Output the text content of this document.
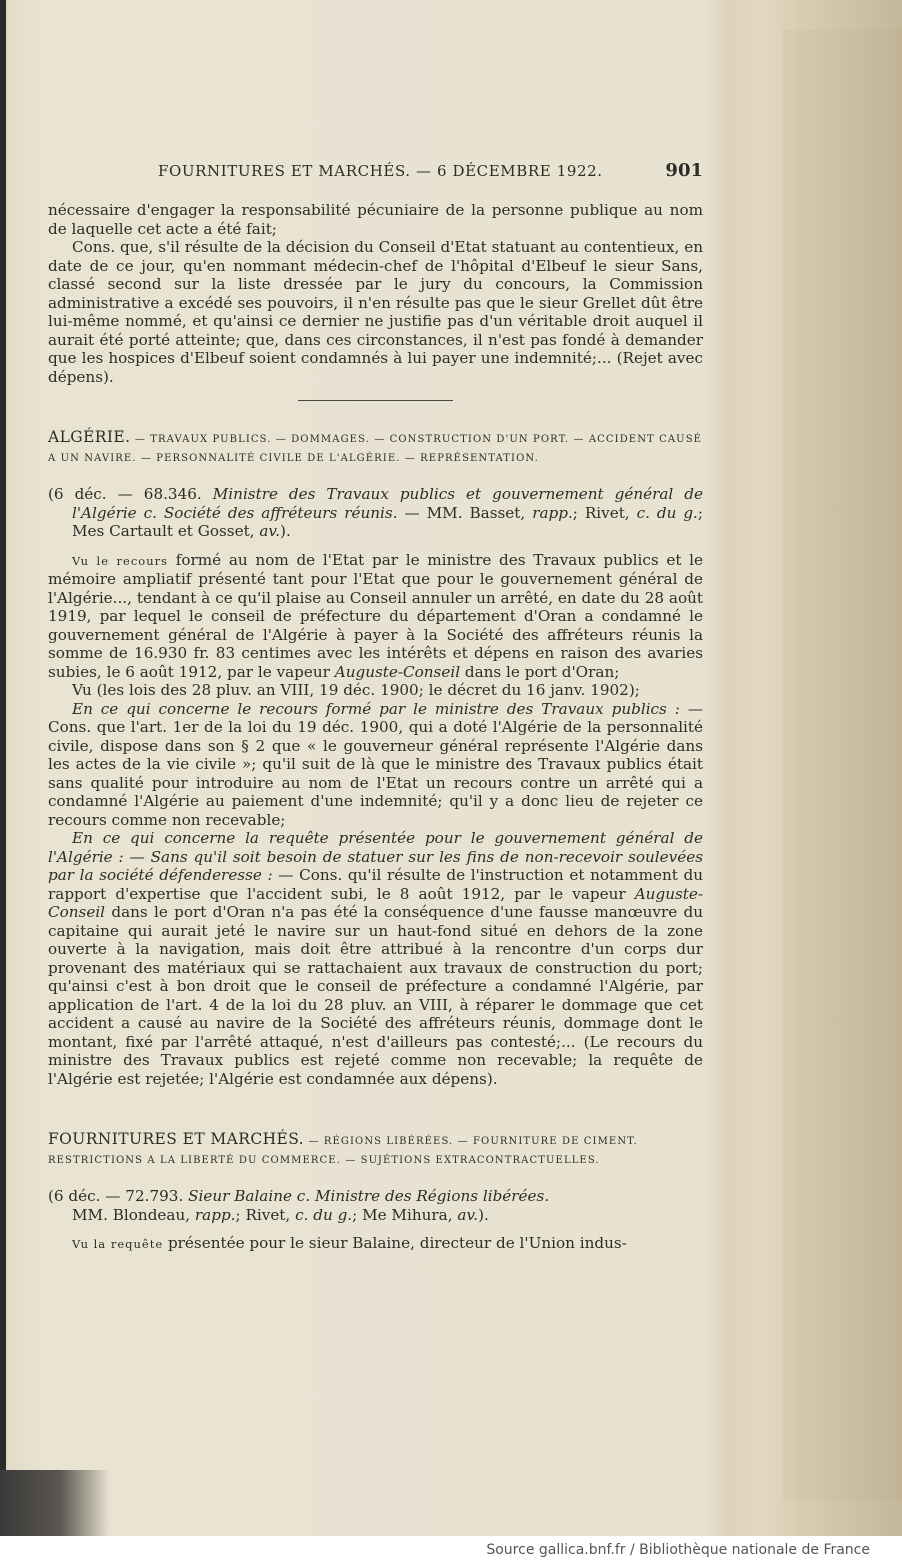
FOURNITURES ET MARCHÉS. — 6 DÉCEMBRE 1922.	901

nécessaire d'engager la responsabilité pécuniaire de la personne publique au nom de laquelle cet acte a été fait;

Cons. que, s'il résulte de la décision du Conseil d'Etat statuant au contentieux, en date de ce jour, qu'en nommant médecin-chef de l'hôpital d'Elbeuf le sieur Sans, classé second sur la liste dressée par le jury du concours, la Commission administrative a excédé ses pouvoirs, il n'en résulte pas que le sieur Grellet dût être lui-même nommé, et qu'ainsi ce dernier ne justifie pas d'un véritable droit auquel il aurait été porté atteinte; que, dans ces circonstances, il n'est pas fondé à demander que les hospices d'Elbeuf soient condamnés à lui payer une indemnité;... (Rejet avec dépens).

ALGÉRIE. — TRAVAUX PUBLICS. — DOMMAGES. — CONSTRUCTION D'UN PORT. — ACCIDENT CAUSÉ A UN NAVIRE. — PERSONNALITÉ CIVILE DE L'ALGÉRIE. — REPRÉSENTATION.
(6 déc. — 68.346. Ministre des Travaux publics et gouvernement général de l'Algérie c. Société des affréteurs réunis. — MM. Basset, rapp.; Rivet, c. du g.; Mes Cartault et Gosset, av.).

Vu le recours formé au nom de l'Etat par le ministre des Travaux publics et le mémoire ampliatif présenté tant pour l'Etat que pour le gouvernement général de l'Algérie..., tendant à ce qu'il plaise au Conseil annuler un arrêté, en date du 28 août 1919, par lequel le conseil de préfecture du département d'Oran a condamné le gouvernement général de l'Algérie à payer à la Société des affréteurs réunis la somme de 16.930 fr. 83 centimes avec les intérêts et dépens en raison des avaries subies, le 6 août 1912, par le vapeur Auguste-Conseil dans le port d'Oran;

Vu (les lois des 28 pluv. an VIII, 19 déc. 1900; le décret du 16 janv. 1902);

En ce qui concerne le recours formé par le ministre des Travaux publics : — Cons. que l'art. 1er de la loi du 19 déc. 1900, qui a doté l'Algérie de la personnalité civile, dispose dans son § 2 que « le gouverneur général représente l'Algérie dans les actes de la vie civile »; qu'il suit de là que le ministre des Travaux publics était sans qualité pour introduire au nom de l'Etat un recours contre un arrêté qui a condamné l'Algérie au paiement d'une indemnité; qu'il y a donc lieu de rejeter ce recours comme non recevable;

En ce qui concerne la requête présentée pour le gouvernement général de l'Algérie : — Sans qu'il soit besoin de statuer sur les fins de non-recevoir soulevées par la société défenderesse : — Cons. qu'il résulte de l'instruction et notamment du rapport d'expertise que l'accident subi, le 8 août 1912, par le vapeur Auguste-Conseil dans le port d'Oran n'a pas été la conséquence d'une fausse manœuvre du capitaine qui aurait jeté le navire sur un haut-fond situé en dehors de la zone ouverte à la navigation, mais doit être attribué à la rencontre d'un corps dur provenant des matériaux qui se rattachaient aux travaux de construction du port; qu'ainsi c'est à bon droit que le conseil de préfecture a condamné l'Algérie, par application de l'art. 4 de la loi du 28 pluv. an VIII, à réparer le dommage que cet accident a causé au navire de la Société des affréteurs réunis, dommage dont le montant, fixé par l'arrêté attaqué, n'est d'ailleurs pas contesté;... (Le recours du ministre des Travaux publics est rejeté comme non recevable; la requête de l'Algérie est rejetée; l'Algérie est condamnée aux dépens).

FOURNITURES ET MARCHÉS. — RÉGIONS LIBÉRÉES. — FOURNITURE DE CIMENT. RESTRICTIONS A LA LIBERTÉ DU COMMERCE. — SUJÉTIONS EXTRACONTRACTUELLES.
(6 déc. — 72.793. Sieur Balaine c. Ministre des Régions libérées.
MM. Blondeau, rapp.; Rivet, c. du g.; Me Mihura, av.).

Vu la requête présentée pour le sieur Balaine, directeur de l'Union indus-

Source gallica.bnf.fr / Bibliothèque nationale de France
